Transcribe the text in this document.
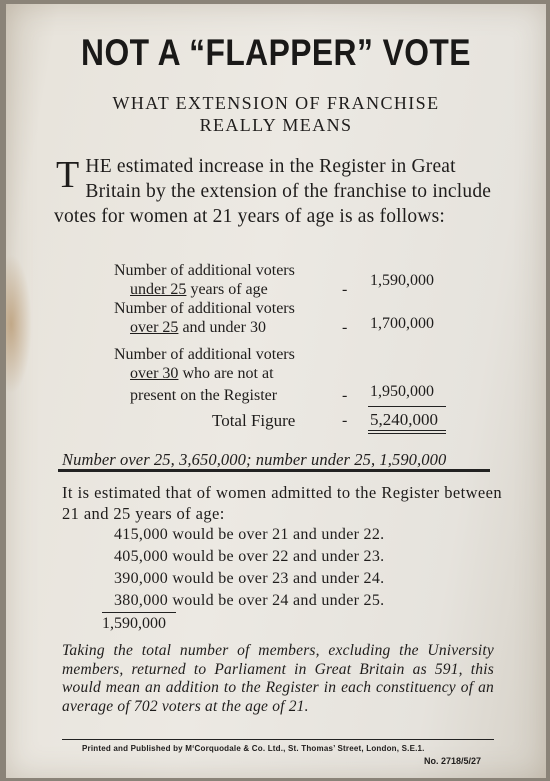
NOT A “FLAPPER” VOTE
WHAT EXTENSION OF FRANCHISE
REALLY MEANS
THE estimated increase in the Register in Great Britain by the extension of the franchise to include votes for women at 21 years of age is as follows:
Number of additional voters
under 25 years of age	-
1,590,000
Number of additional voters
over 25 and under 30	- 1,700,000
Number of additional voters
over 30 who are not at
present on the Register	- 1,950,000
Total Figure	- 5,240,000
Number over 25, 3,650,000; number under 25, 1,590,000
It is estimated that of women admitted to the Register between 21 and 25 years of age:
415,000 would be over 21 and under 22.
405,000 would be over 22 and under 23.
390,000 would be over 23 and under 24.
380,000 would be over 24 and under 25.
1,590,000
Taking the total number of members, excluding the University members, returned to Parliament in Great Britain as 591, this would mean an addition to the Register in each constituency of an average of 702 voters at the age of 21.
Printed and Published by M‘Corquodale & Co. Ltd., St. Thomas’ Street, London, S.E.1.
No. 2718/5/27
